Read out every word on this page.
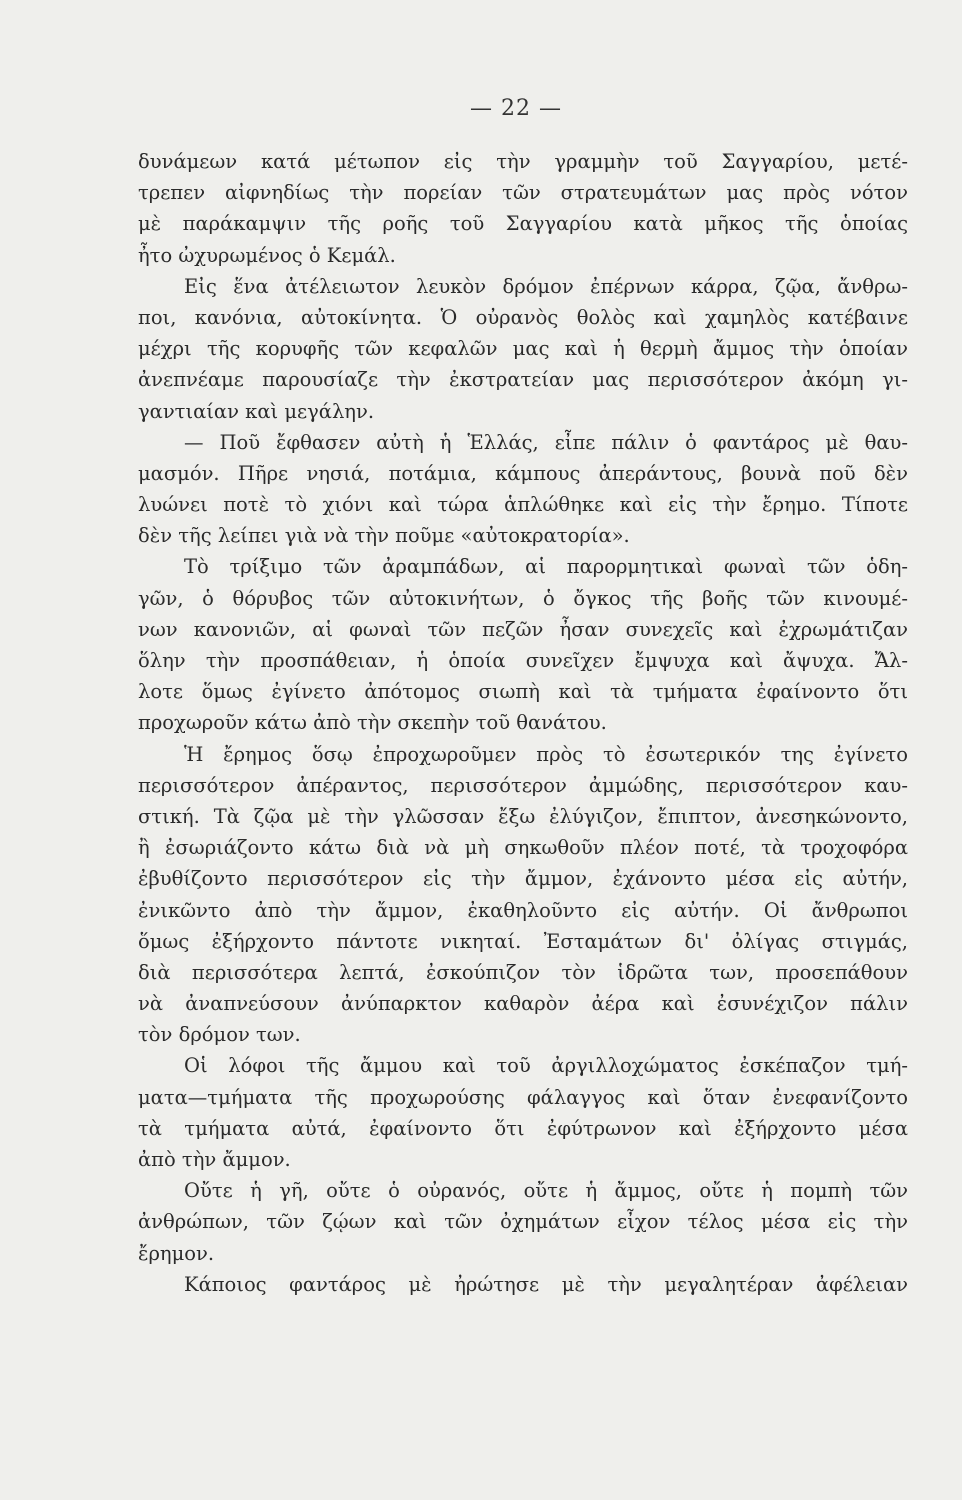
— 22 —
δυνάμεων κατά μέτωπον εἰς τὴν γραμμὴν τοῦ Σαγγαρίου, μετέ-
τρεπεν αἰφνηδίως τὴν πορείαν τῶν στρατευμάτων μας πρὸς νότον
μὲ παράκαμψιν τῆς ροῆς τοῦ Σαγγαρίου κατὰ μῆκος τῆς ὁποίας
ἦτο ὠχυρωμένος ὁ Κεμάλ.
Εἰς ἕνα ἀτέλειωτον λευκὸν δρόμον ἐπέρνων κάρρα, ζῷα, ἄνθρω-
ποι, κανόνια, αὐτοκίνητα. Ὁ οὐρανὸς θολὸς καὶ χαμηλὸς κατέβαινε
μέχρι τῆς κορυφῆς τῶν κεφαλῶν μας καὶ ἡ θερμὴ ἄμμος τὴν ὁποίαν
ἀνεπνέαμε παρουσίαζε τὴν ἐκστρατείαν μας περισσότερον ἀκόμη γι-
γαντιαίαν καὶ μεγάλην.
— Ποῦ ἔφθασεν αὐτὴ ἡ Ἑλλάς, εἶπε πάλιν ὁ φαντάρος μὲ θαυ-
μασμόν. Πῆρε νησιά, ποτάμια, κάμπους ἀπεράντους, βουνὰ ποῦ δὲν
λυώνει ποτὲ τὸ χιόνι καὶ τώρα ἁπλώθηκε καὶ εἰς τὴν ἔρημο. Τίποτε
δὲν τῆς λείπει γιὰ νὰ τὴν ποῦμε «αὐτοκρατορία».
Τὸ τρίξιμο τῶν ἀραμπάδων, αἱ παρορμητικαὶ φωναὶ τῶν ὁδη-
γῶν, ὁ θόρυβος τῶν αὐτοκινήτων, ὁ ὄγκος τῆς βοῆς τῶν κινουμέ-
νων κανονιῶν, αἱ φωναὶ τῶν πεζῶν ἦσαν συνεχεῖς καὶ ἐχρωμάτιζαν
ὅλην τὴν προσπάθειαν, ἡ ὁποία συνεῖχεν ἔμψυχα καὶ ἄψυχα. Ἄλ-
λοτε ὅμως ἐγίνετο ἀπότομος σιωπὴ καὶ τὰ τμήματα ἐφαίνοντο ὅτι
προχωροῦν κάτω ἀπὸ τὴν σκεπὴν τοῦ θανάτου.
Ἡ ἔρημος ὅσῳ ἐπροχωροῦμεν πρὸς τὸ ἐσωτερικόν της ἐγίνετο
περισσότερον ἀπέραντος, περισσότερον ἀμμώδης, περισσότερον καυ-
στική. Τὰ ζῷα μὲ τὴν γλῶσσαν ἔξω ἐλύγιζον, ἔπιπτον, ἀνεσηκώνοντο,
ἢ ἐσωριάζοντο κάτω διὰ νὰ μὴ σηκωθοῦν πλέον ποτέ, τὰ τροχοφόρα
ἐβυθίζοντο περισσότερον εἰς τὴν ἄμμον, ἐχάνοντο μέσα εἰς αὐτήν,
ἐνικῶντο ἀπὸ τὴν ἄμμον, ἐκαθηλοῦντο εἰς αὐτήν. Οἱ ἄνθρωποι
ὅμως ἐξήρχοντο πάντοτε νικηταί. Ἐσταμάτων δι' ὀλίγας στιγμάς,
διὰ περισσότερα λεπτά, ἐσκούπιζον τὸν ἱδρῶτα των, προσεπάθουν
νὰ ἀναπνεύσουν ἀνύπαρκτον καθαρὸν ἀέρα καὶ ἐσυνέχιζον πάλιν
τὸν δρόμον των.
Οἱ λόφοι τῆς ἄμμου καὶ τοῦ ἀργιλλοχώματος ἐσκέπαζον τμή-
ματα—τμήματα τῆς προχωρούσης φάλαγγος καὶ ὅταν ἐνεφανίζοντο
τὰ τμήματα αὐτά, ἐφαίνοντο ὅτι ἐφύτρωνον καὶ ἐξήρχοντο μέσα
ἀπὸ τὴν ἄμμον.
Οὔτε ἡ γῆ, οὔτε ὁ οὐρανός, οὔτε ἡ ἄμμος, οὔτε ἡ πομπὴ τῶν
ἀνθρώπων, τῶν ζῴων καὶ τῶν ὀχημάτων εἶχον τέλος μέσα εἰς τὴν
ἔρημον.
Κάποιος φαντάρος μὲ ἠρώτησε μὲ τὴν μεγαλητέραν ἀφέλειαν
